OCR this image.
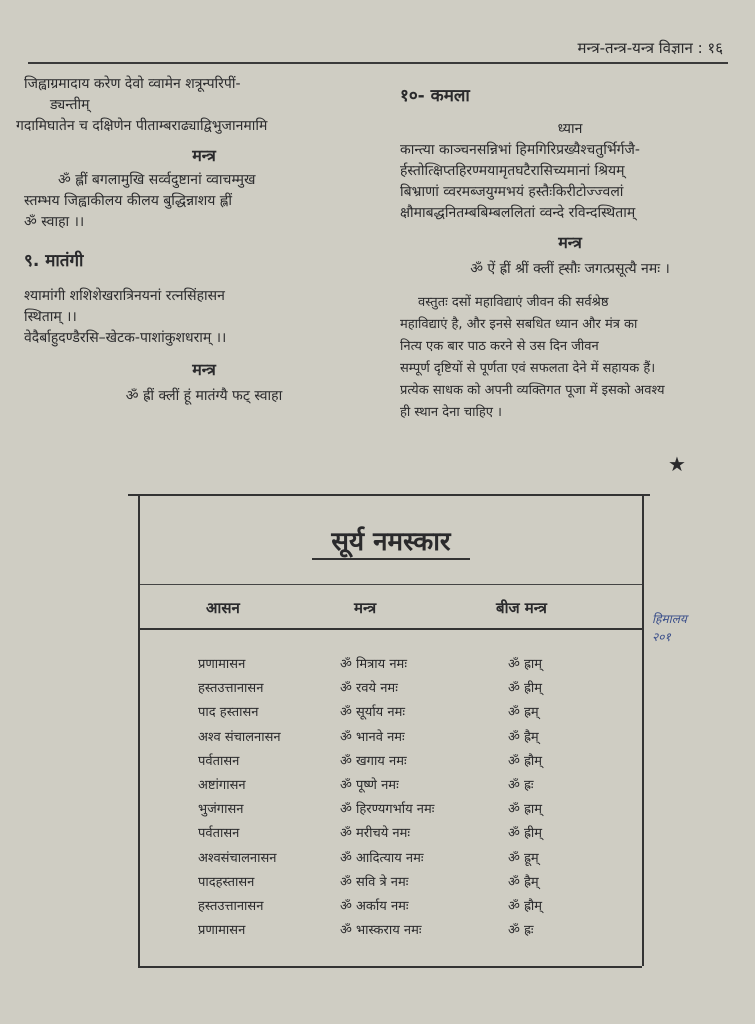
मन्त्र-तन्त्र-यन्त्र विज्ञान : १६
जिह्वाग्रमादाय करेण देवो व्वामेन शत्रून्परिपीं-
ड्यन्तीम्
गदामिघातेन च दक्षिणेन पीताम्बराढ्याद्विभुजानमामि
मन्त्र
ॐ ह्लीं बगलामुखि सर्व्वदुष्टानां व्वाचम्मुख
स्तम्भय जिह्वाकीलय कीलय बुद्धिन्नाशय ह्लीं
ॐ स्वाहा ।।
९. मातंगी
श्यामांगी शशिशेखरात्रिनयनां रत्नसिंहासन
स्थिताम् ।।
वेदैर्बाहुदण्डैरसि–खेटक-पाशांकुशधराम् ।।
मन्त्र
ॐ ह्रीं क्लीं हूं मातंग्यै फट् स्वाहा
१०- कमला
ध्यान
कान्त्या काञ्चनसन्निभां हिमगिरिप्रख्यैश्चतुर्भिर्गजै-
र्हस्तोत्क्षिप्तहिरण्मयामृतघटैरासिच्यमानां श्रियम्
बिभ्राणां व्वरमब्जयुग्मभयं हस्तैःकिरीटोज्ज्वलां
क्षौमाबद्धनितम्बबिम्बललितां व्वन्दे रविन्दस्थिताम्
मन्त्र
ॐ ऐं ह्रीं श्रीं क्लीं ह्सौः जगत्प्रसूत्यै नमः ।
वस्तुतः दसों महाविद्याएं जीवन की सर्वश्रेष्ठ
महाविद्याएं है, और इनसे सबधित ध्यान और मंत्र का
नित्य एक बार पाठ करने से उस दिन जीवन
सम्पूर्ण दृष्टियों से पूर्णता एवं सफलता देने में सहायक हैं।
प्रत्येक साधक को अपनी व्यक्तिगत पूजा में इसको अवश्य
ही स्थान देना चाहिए ।
★
सूर्य नमस्कार
आसन	मन्त्र	बीज मन्त्र
प्रणामासन	ॐ मित्राय नमः	ॐ ह्राम्
हस्तउत्तानासन	ॐ रवये नमः	ॐ ह्रीम्
पाद हस्तासन	ॐ सूर्याय नमः	ॐ ह्रम्
अश्व संचालनासन	ॐ भानवे नमः	ॐ ह्रैम्
पर्वतासन	ॐ खगाय नमः	ॐ ह्रौम्
अष्टांगासन	ॐ पूष्णे नमः	ॐ ह्रः
भुजंगासन	ॐ हिरण्यगर्भाय नमः	ॐ ह्राम्
पर्वतासन	ॐ मरीचये नमः	ॐ ह्रीम्
अश्वसंचालनासन	ॐ आदित्याय नमः	ॐ ह्रूम्
पादहस्तासन	ॐ सवि त्रे नमः	ॐ ह्रैम्
हस्तउत्तानासन	ॐ अर्काय नमः	ॐ ह्रौम्
प्रणामासन	ॐ भास्कराय नमः	ॐ ह्रः
हिमालय
२०१
